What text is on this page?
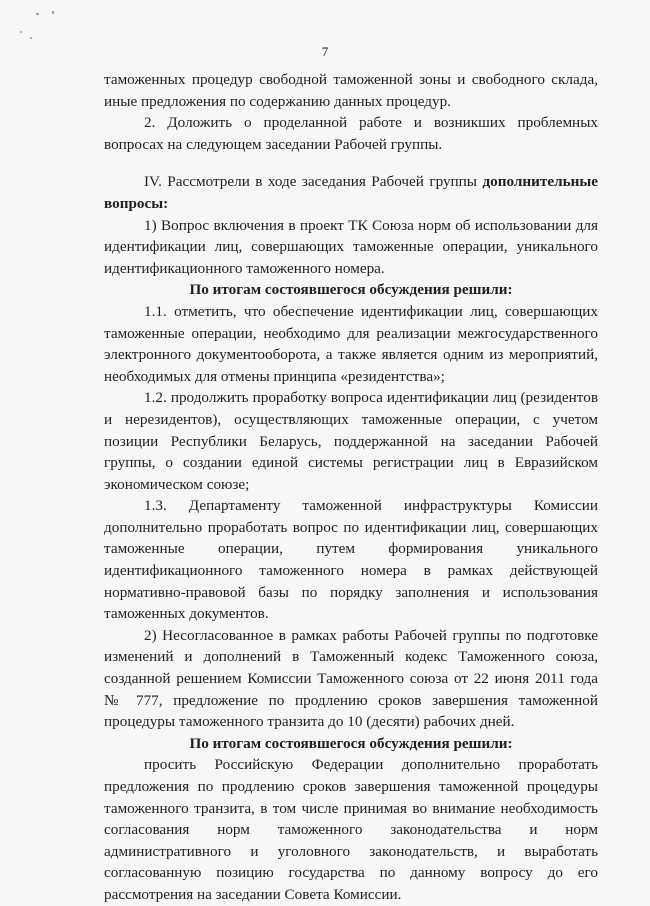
7

таможенных процедур свободной таможенной зоны и свободного склада, иные предложения по содержанию данных процедур.

2. Доложить о проделанной работе и возникших проблемных вопросах на следующем заседании Рабочей группы.

IV. Рассмотрели в ходе заседания Рабочей группы дополнительные вопросы:

1) Вопрос включения в проект ТК Союза норм об использовании для идентификации лиц, совершающих таможенные операции, уникального идентификационного таможенного номера.

По итогам состоявшегося обсуждения решили:

1.1. отметить, что обеспечение идентификации лиц, совершающих таможенные операции, необходимо для реализации межгосударственного электронного документооборота, а также является одним из мероприятий, необходимых для отмены принципа «резидентства»;

1.2. продолжить проработку вопроса идентификации лиц (резидентов и нерезидентов), осуществляющих таможенные операции, с учетом позиции Республики Беларусь, поддержанной на заседании Рабочей группы, о создании единой системы регистрации лиц в Евразийском экономическом союзе;

1.3. Департаменту таможенной инфраструктуры Комиссии дополнительно проработать вопрос по идентификации лиц, совершающих таможенные операции, путем формирования уникального идентификационного таможенного номера в рамках действующей нормативно-правовой базы по порядку заполнения и использования таможенных документов.

2) Несогласованное в рамках работы Рабочей группы по подготовке изменений и дополнений в Таможенный кодекс Таможенного союза, созданной решением Комиссии Таможенного союза от 22 июня 2011 года № 777, предложение по продлению сроков завершения таможенной процедуры таможенного транзита до 10 (десяти) рабочих дней.

По итогам состоявшегося обсуждения решили:

просить Российскую Федерации дополнительно проработать предложения по продлению сроков завершения таможенной процедуры таможенного транзита, в том числе принимая во внимание необходимость согласования норм таможенного законодательства и норм административного и уголовного законодательств, и выработать согласованную позицию государства по данному вопросу до его рассмотрения на заседании Совета Комиссии.
